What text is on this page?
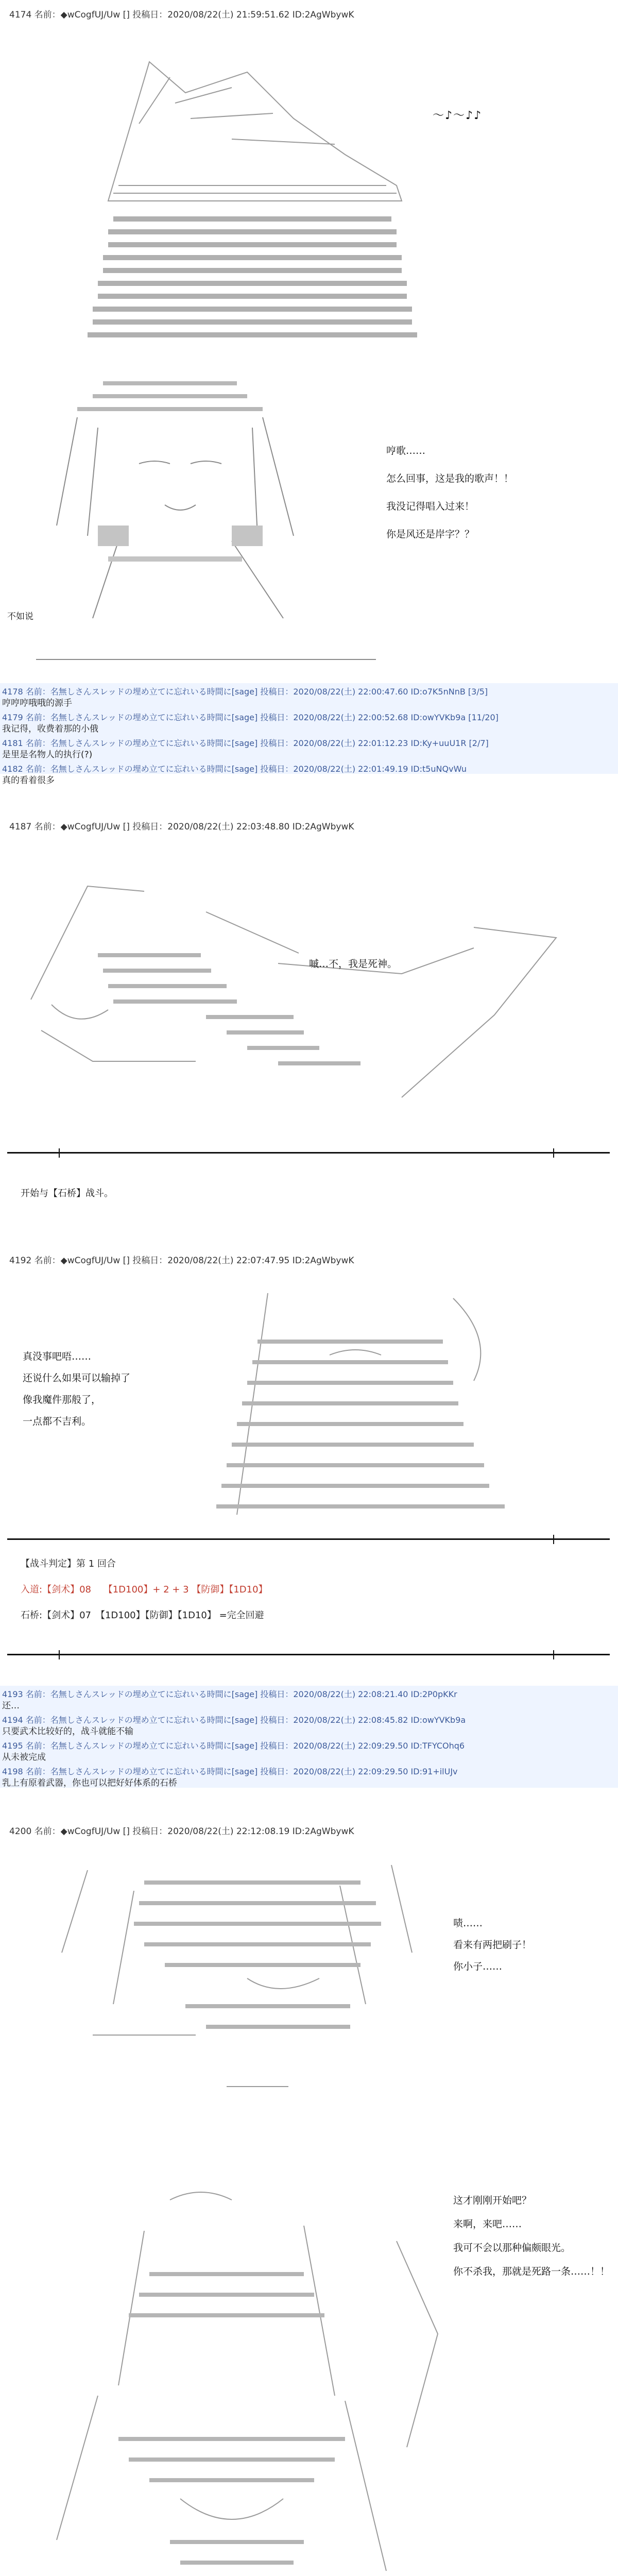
4174 名前：◆wCogfUJ/Uw [] 投稿日：2020/08/22(土) 21:59:51.62 ID:2AgWbywK
～♪～♪♪
哼歌……
怎么回事，这是我的歌声！！
我没记得唱入过来！
你是风还是岸字？？
不如说
4178 名前：名無しさんスレッドの埋め立てに忘れいる時間に[sage] 投稿日：2020/08/22(土) 22:00:47.60 ID:o7K5nNnB [3/5]
哼哼哼哦哦的源手
4179 名前：名無しさんスレッドの埋め立てに忘れいる時間に[sage] 投稿日：2020/08/22(土) 22:00:52.68 ID:owYVKb9a [11/20]
我记得，收费着那的小俄
4181 名前：名無しさんスレッドの埋め立てに忘れいる時間に[sage] 投稿日：2020/08/22(土) 22:01:12.23 ID:Ky+uuU1R [2/7]
是里是名物人的执行(?)
4182 名前：名無しさんスレッドの埋め立てに忘れいる時間に[sage] 投稿日：2020/08/22(土) 22:01:49.19 ID:t5uNQvWu
真的看着很多
4187 名前：◆wCogfUJ/Uw [] 投稿日：2020/08/22(土) 22:03:48.80 ID:2AgWbywK
嘁…不，我是死神。
开始与【石桥】战斗。
4192 名前：◆wCogfUJ/Uw [] 投稿日：2020/08/22(土) 22:07:47.95 ID:2AgWbywK
真没事吧唔……
还说什么如果可以输掉了
像我魔件那般了，
一点都不吉利。
【战斗判定】第 1 回合
入道:【剑术】08 【1D100】+ 2 + 3 【防御】【1D10】
石桥:【剑术】07　【1D100】【防御】【1D10】 =完全回避
4193 名前：名無しさんスレッドの埋め立てに忘れいる時間に[sage] 投稿日：2020/08/22(土) 22:08:21.40 ID:2P0pKKr
还…
4194 名前：名無しさんスレッドの埋め立てに忘れいる時間に[sage] 投稿日：2020/08/22(土) 22:08:45.82 ID:owYVKb9a
只要武术比较好的，战斗就能不输
4195 名前：名無しさんスレッドの埋め立てに忘れいる時間に[sage] 投稿日：2020/08/22(土) 22:09:29.50 ID:TFYCOhq6
从未被完成
4198 名前：名無しさんスレッドの埋め立てに忘れいる時間に[sage] 投稿日：2020/08/22(土) 22:09:29.50 ID:91+ilUJv
乳上有原着武器，你也可以把好好体系的石桥
4200 名前：◆wCogfUJ/Uw [] 投稿日：2020/08/22(土) 22:12:08.19 ID:2AgWbywK
啧……
看来有两把刷子！
你小子……
这才刚刚开始吧？
来啊，来吧……
我可不会以那种偏颇眼光。
你不杀我，那就是死路一条……！！
